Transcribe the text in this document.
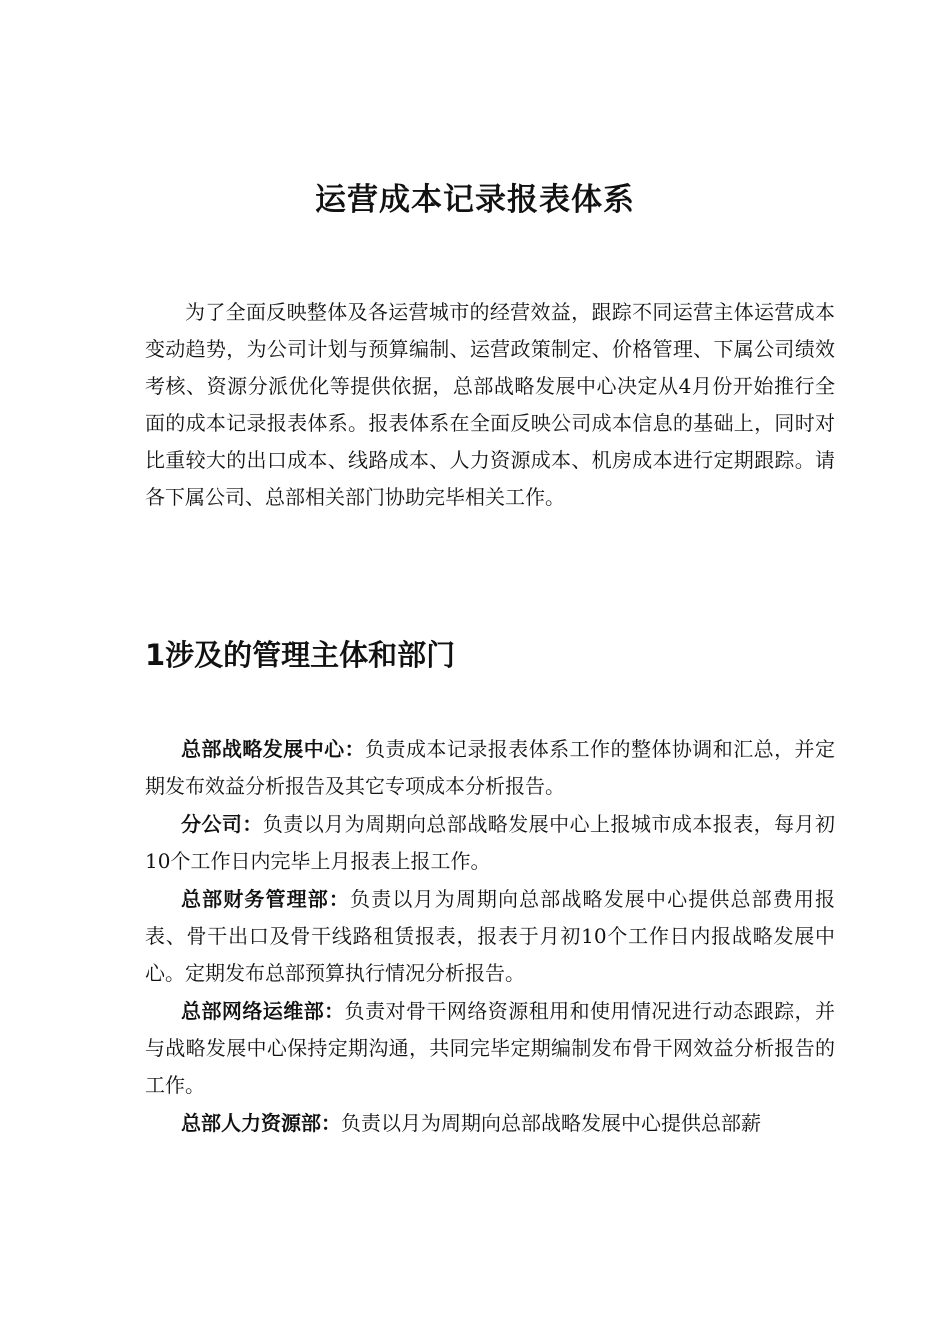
运营成本记录报表体系

为了全面反映整体及各运营城市的经营效益，跟踪不同运营主体运营成本变动趋势，为公司计划与预算编制、运营政策制定、价格管理、下属公司绩效考核、资源分派优化等提供依据，总部战略发展中心决定从4月份开始推行全面的成本记录报表体系。报表体系在全面反映公司成本信息的基础上，同时对比重较大的出口成本、线路成本、人力资源成本、机房成本进行定期跟踪。请各下属公司、总部相关部门协助完毕相关工作。

1涉及的管理主体和部门

总部战略发展中心：负责成本记录报表体系工作的整体协调和汇总，并定期发布效益分析报告及其它专项成本分析报告。

分公司：负责以月为周期向总部战略发展中心上报城市成本报表，每月初10个工作日内完毕上月报表上报工作。

总部财务管理部：负责以月为周期向总部战略发展中心提供总部费用报表、骨干出口及骨干线路租赁报表，报表于月初10个工作日内报战略发展中心。定期发布总部预算执行情况分析报告。

总部网络运维部：负责对骨干网络资源租用和使用情况进行动态跟踪，并与战略发展中心保持定期沟通，共同完毕定期编制发布骨干网效益分析报告的工作。

总部人力资源部：负责以月为周期向总部战略发展中心提供总部薪
